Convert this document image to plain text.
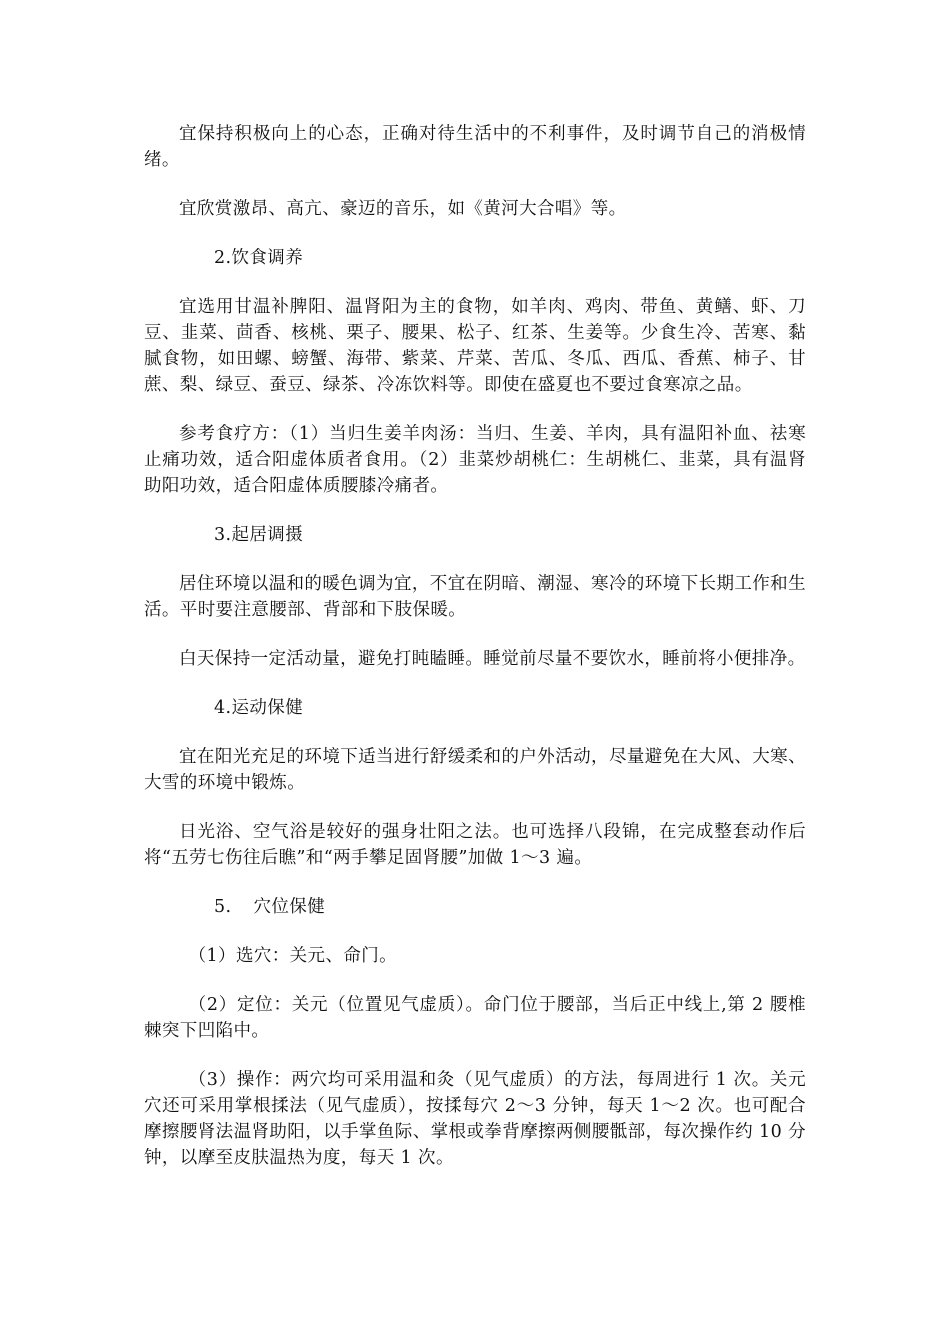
宜保持积极向上的心态，正确对待生活中的不利事件，及时调节自己的消极情绪。

宜欣赏激昂、高亢、豪迈的音乐，如《黄河大合唱》等。

2.饮食调养

宜选用甘温补脾阳、温肾阳为主的食物，如羊肉、鸡肉、带鱼、黄鳝、虾、刀豆、韭菜、茴香、核桃、栗子、腰果、松子、红茶、生姜等。少食生冷、苦寒、黏腻食物，如田螺、螃蟹、海带、紫菜、芹菜、苦瓜、冬瓜、西瓜、香蕉、柿子、甘蔗、梨、绿豆、蚕豆、绿茶、冷冻饮料等。即使在盛夏也不要过食寒凉之品。

参考食疗方：（1）当归生姜羊肉汤：当归、生姜、羊肉，具有温阳补血、祛寒止痛功效，适合阳虚体质者食用。（2）韭菜炒胡桃仁：生胡桃仁、韭菜，具有温肾助阳功效，适合阳虚体质腰膝冷痛者。

3.起居调摄

居住环境以温和的暖色调为宜，不宜在阴暗、潮湿、寒冷的环境下长期工作和生活。平时要注意腰部、背部和下肢保暖。

白天保持一定活动量，避免打盹瞌睡。睡觉前尽量不要饮水，睡前将小便排净。

4.运动保健

宜在阳光充足的环境下适当进行舒缓柔和的户外活动，尽量避免在大风、大寒、大雪的环境中锻炼。

日光浴、空气浴是较好的强身壮阳之法。也可选择八段锦，在完成整套动作后将“五劳七伤往后瞧”和“两手攀足固肾腰”加做 1～3 遍。

5. 穴位保健

（1）选穴：关元、命门。

（2）定位：关元（位置见气虚质）。命门位于腰部，当后正中线上,第 2 腰椎棘突下凹陷中。

（3）操作：两穴均可采用温和灸（见气虚质）的方法，每周进行 1 次。关元穴还可采用掌根揉法（见气虚质），按揉每穴 2～3 分钟，每天 1～2 次。也可配合摩擦腰肾法温肾助阳，以手掌鱼际、掌根或拳背摩擦两侧腰骶部，每次操作约 10 分钟，以摩至皮肤温热为度，每天 1 次。
